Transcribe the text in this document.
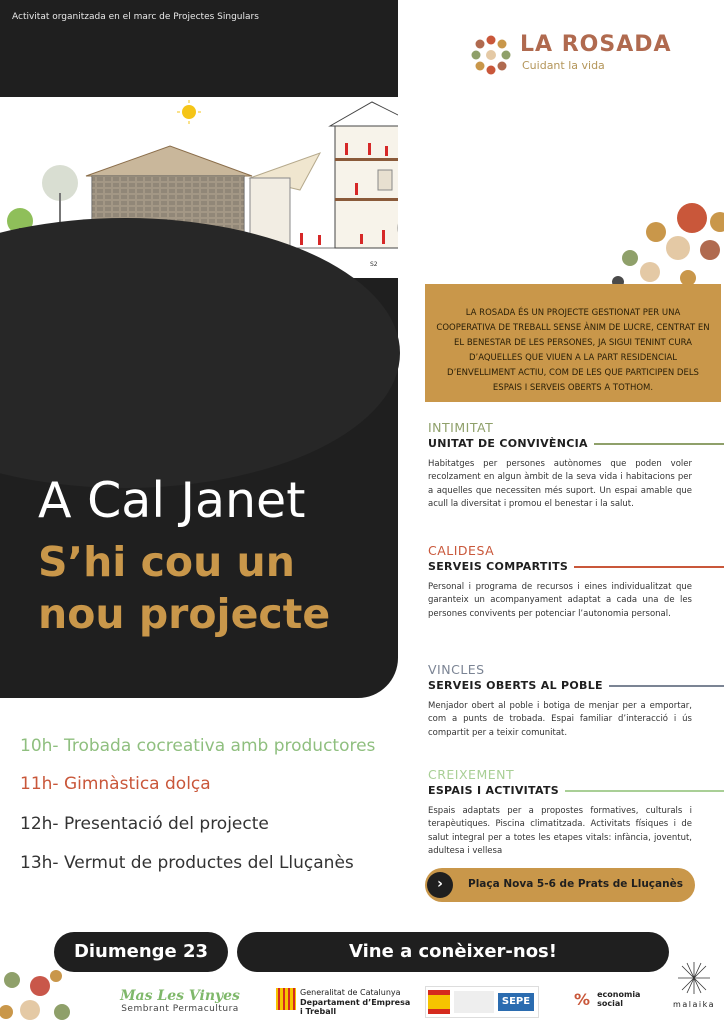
Activitat organitzada en el marc de Projectes Singulars
LA ROSADA
Cuidant la vida
S2
A Cal Janet
S’hi cou un
nou projecte
LA ROSADA ÉS UN PROJECTE GESTIONAT PER UNA COOPERATIVA DE TREBALL SENSE ÀNIM DE LUCRE, CENTRAT EN EL BENESTAR DE LES PERSONES, JA SIGUI TENINT CURA D’AQUELLES QUE VIUEN A LA PART RESIDENCIAL D’ENVELLIMENT ACTIU, COM DE LES QUE PARTICIPEN DELS ESPAIS I SERVEIS OBERTS A TOTHOM.
INTIMITAT
UNITAT DE CONVIVÈNCIA
Habitatges per persones autònomes que poden voler recolzament en algun àmbit de la seva vida i habitacions per a aquelles que necessiten més suport. Un espai amable que acull la diversitat i promou el benestar i la salut.
CALIDESA
SERVEIS COMPARTITS
Personal i programa de recursos i eines individualitzat que garanteix un acompanyament adaptat a cada una de les persones convivents per potenciar l’autonomia personal.
VINCLES
SERVEIS OBERTS AL POBLE
Menjador obert al poble i botiga de menjar per a emportar, com a punts de trobada. Espai familiar d’interacció i ús compartit per a teixir comunitat.
CREIXEMENT
ESPAIS I ACTIVITATS
Espais adaptats per a propostes formatives, culturals i terapèutiques. Piscina climatitzada. Activitats físiques i de salut integral per a totes les etapes vitals: infància, joventut, adultesa i vellesa
10h- Trobada cocreativa amb productores
11h- Gimnàstica dolça
12h- Presentació del projecte
13h- Vermut de productes del Lluçanès
›	Plaça Nova 5-6 de Prats de Lluçanès
Diumenge 23	Vine a conèixer-nos!
Mas Les Vinyes
Sembrant Permacultura
Generalitat de Catalunya
Departament d’Empresa
i Treball
SEPE	% economia
social	malaika
